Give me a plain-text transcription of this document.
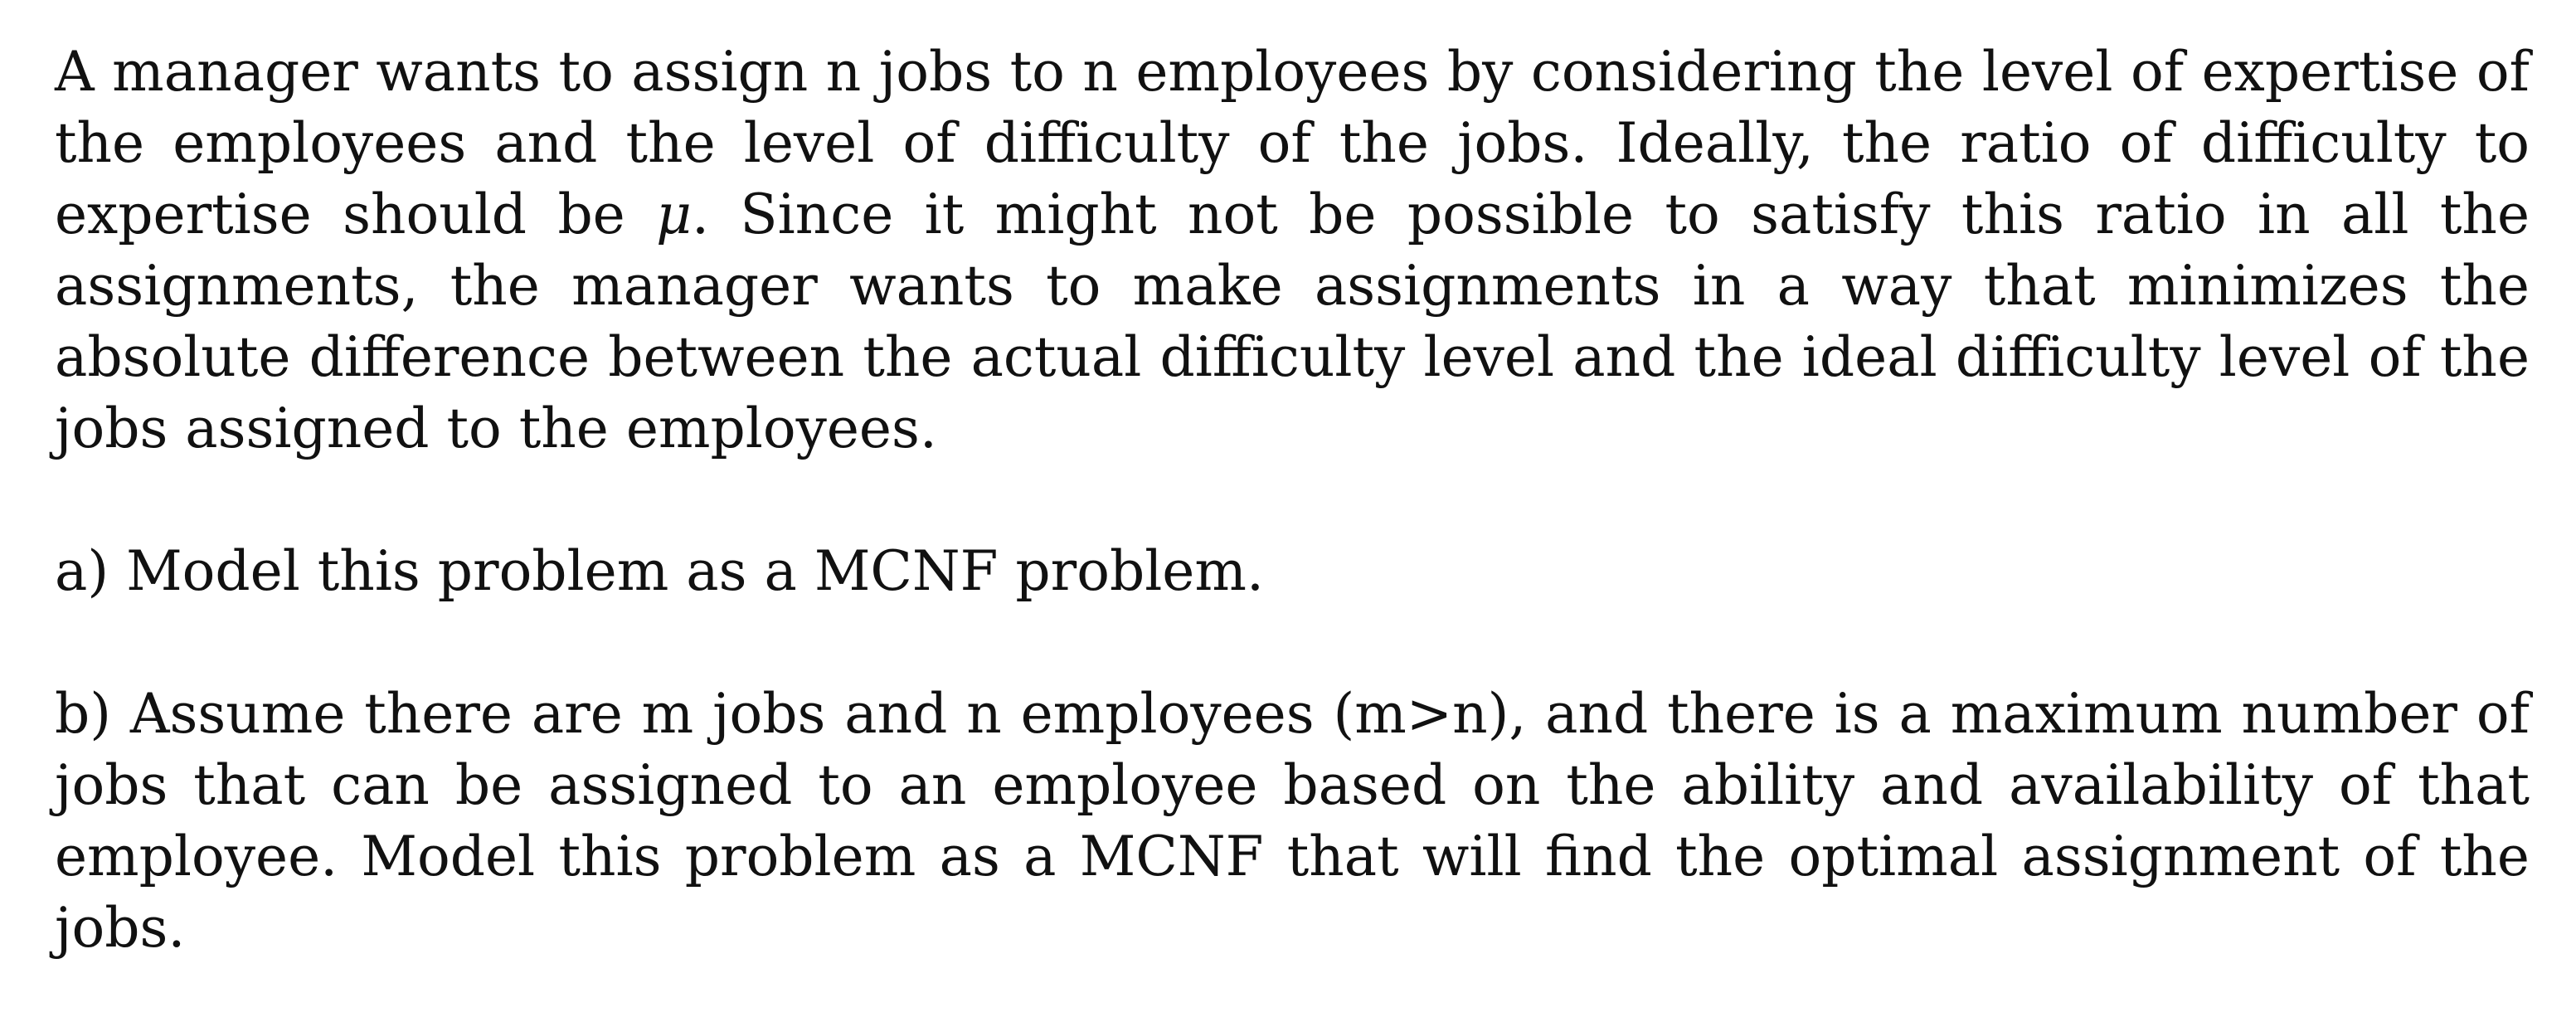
A manager wants to assign n jobs to n employees by considering the level of expertise of the employees and the level of difficulty of the jobs. Ideally, the ratio of difficulty to expertise should be μ. Since it might not be possible to satisfy this ratio in all the assignments, the manager wants to make assignments in a way that minimizes the absolute difference between the actual difficulty level and the ideal difficulty level of the jobs assigned to the employees.

a) Model this problem as a MCNF problem.

b) Assume there are m jobs and n employees (m>n), and there is a maximum number of jobs that can be assigned to an employee based on the ability and availability of that employee. Model this problem as a MCNF that will find the optimal assignment of the jobs.
